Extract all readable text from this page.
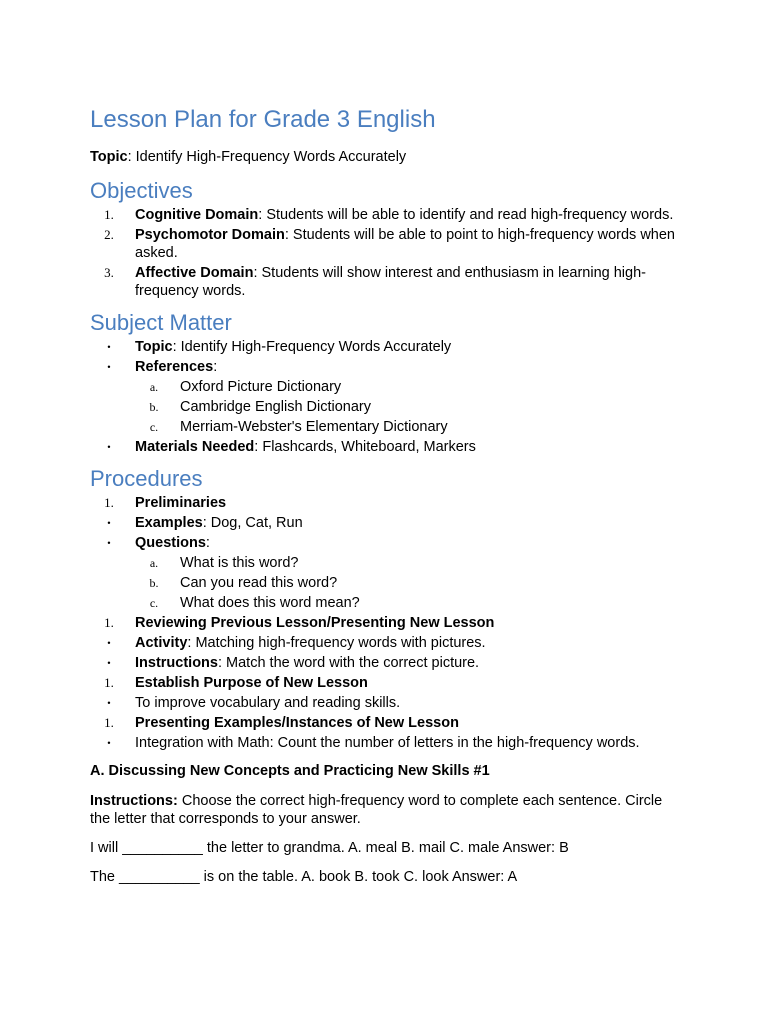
Lesson Plan for Grade 3 English

Topic: Identify High-Frequency Words Accurately

Objectives
1.	Cognitive Domain: Students will be able to identify and read high-frequency words.
2.	Psychomotor Domain: Students will be able to point to high-frequency words when asked.
3.	Affective Domain: Students will show interest and enthusiasm in learning high-frequency words.
Subject Matter
•	Topic: Identify High-Frequency Words Accurately
•	References:
a.	Oxford Picture Dictionary
b.	Cambridge English Dictionary
c.	Merriam-Webster's Elementary Dictionary
•	Materials Needed: Flashcards, Whiteboard, Markers
Procedures
1.	Preliminaries
•	Examples: Dog, Cat, Run
•	Questions:
a.	What is this word?
b.	Can you read this word?
c.	What does this word mean?
1.	Reviewing Previous Lesson/Presenting New Lesson
•	Activity: Matching high-frequency words with pictures.
•	Instructions: Match the word with the correct picture.
1.	Establish Purpose of New Lesson
•	To improve vocabulary and reading skills.
1.	Presenting Examples/Instances of New Lesson
•	Integration with Math: Count the number of letters in the high-frequency words.

A. Discussing New Concepts and Practicing New Skills #1

Instructions: Choose the correct high-frequency word to complete each sentence. Circle the letter that corresponds to your answer.

I will __________ the letter to grandma. A. meal B. mail C. male Answer: B

The __________ is on the table. A. book B. took C. look Answer: A
